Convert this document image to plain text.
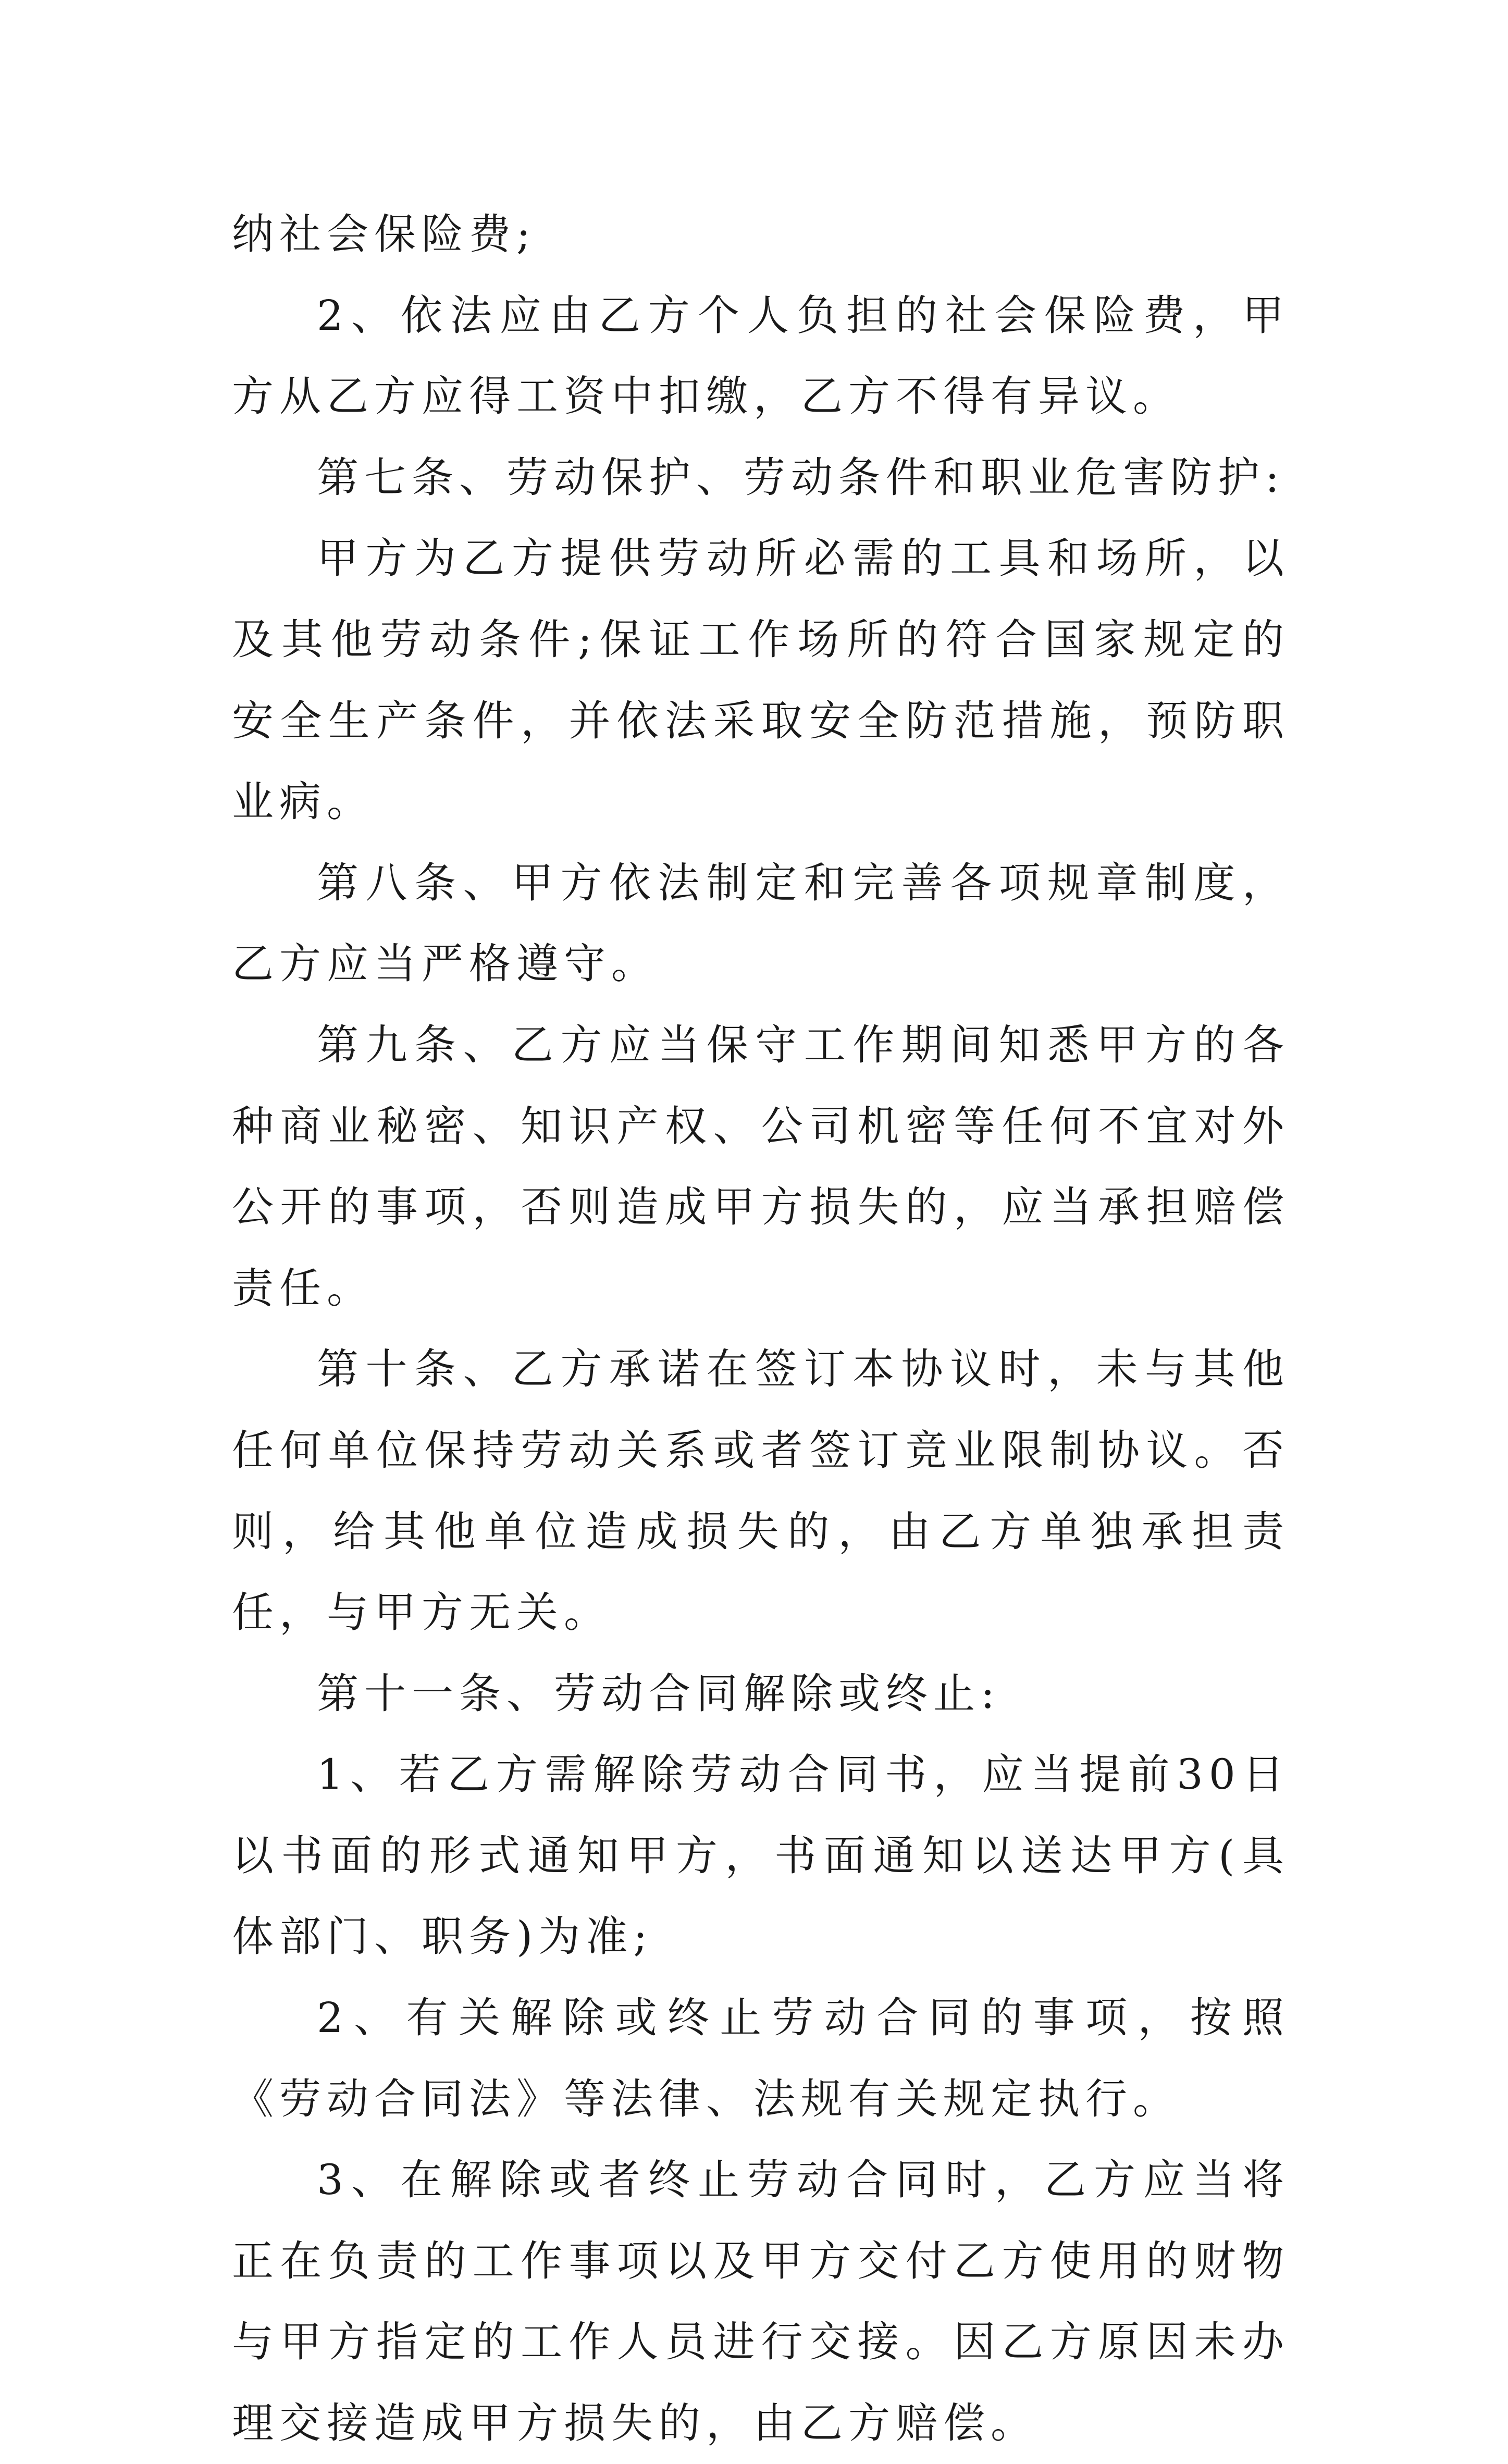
纳社会保险费;

2、依法应由乙方个人负担的社会保险费，甲方从乙方应得工资中扣缴，乙方不得有异议。

第七条、劳动保护、劳动条件和职业危害防护:

甲方为乙方提供劳动所必需的工具和场所，以及其他劳动条件;保证工作场所的符合国家规定的安全生产条件，并依法采取安全防范措施，预防职业病。

第八条、甲方依法制定和完善各项规章制度，乙方应当严格遵守。

第九条、乙方应当保守工作期间知悉甲方的各种商业秘密、知识产权、公司机密等任何不宜对外公开的事项，否则造成甲方损失的，应当承担赔偿责任。

第十条、乙方承诺在签订本协议时，未与其他任何单位保持劳动关系或者签订竞业限制协议。否则，给其他单位造成损失的，由乙方单独承担责任，与甲方无关。

第十一条、劳动合同解除或终止:

1、若乙方需解除劳动合同书，应当提前30日以书面的形式通知甲方，书面通知以送达甲方(具体部门、职务)为准;

2、有关解除或终止劳动合同的事项，按照《劳动合同法》等法律、法规有关规定执行。

3、在解除或者终止劳动合同时，乙方应当将正在负责的工作事项以及甲方交付乙方使用的财物与甲方指定的工作人员进行交接。因乙方原因未办理交接造成甲方损失的，由乙方赔偿。
